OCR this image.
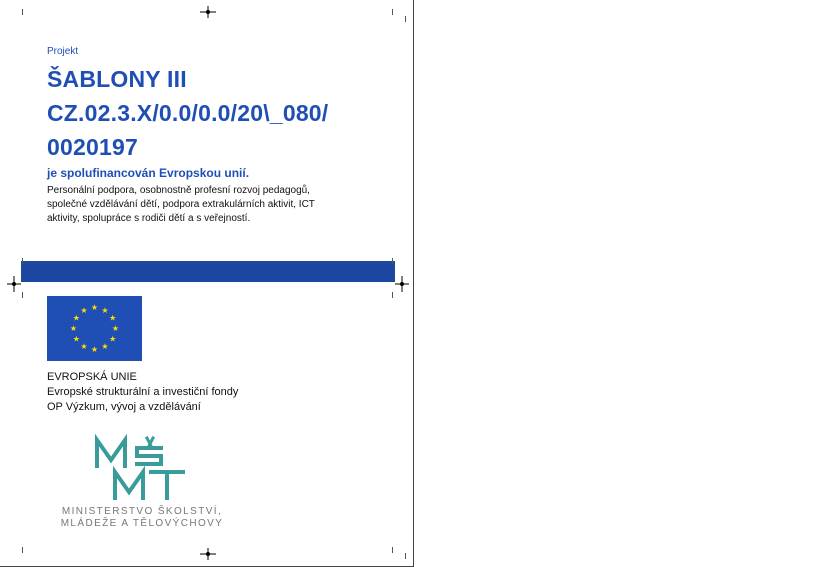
Projekt
ŠABLONY III
CZ.02.3.X/0.0/0.0/20\_080/
0020197
je spolufinancován Evropskou unií.
Personální podpora, osobnostně profesní rozvoj pedagogů,
společné vzdělávání dětí, podpora extrakulárních aktivit, ICT
aktivity, spolupráce s rodiči dětí a s veřejností.
★ ★
★
★
★
★
★
★
★
★
★
★
EVROPSKÁ UNIE
Evropské strukturální a investiční fondy
OP Výzkum, vývoj a vzdělávání
MINISTERSTVO ŠKOLSTVÍ,
MLÁDEŽE A TĚLOVÝCHOVY
